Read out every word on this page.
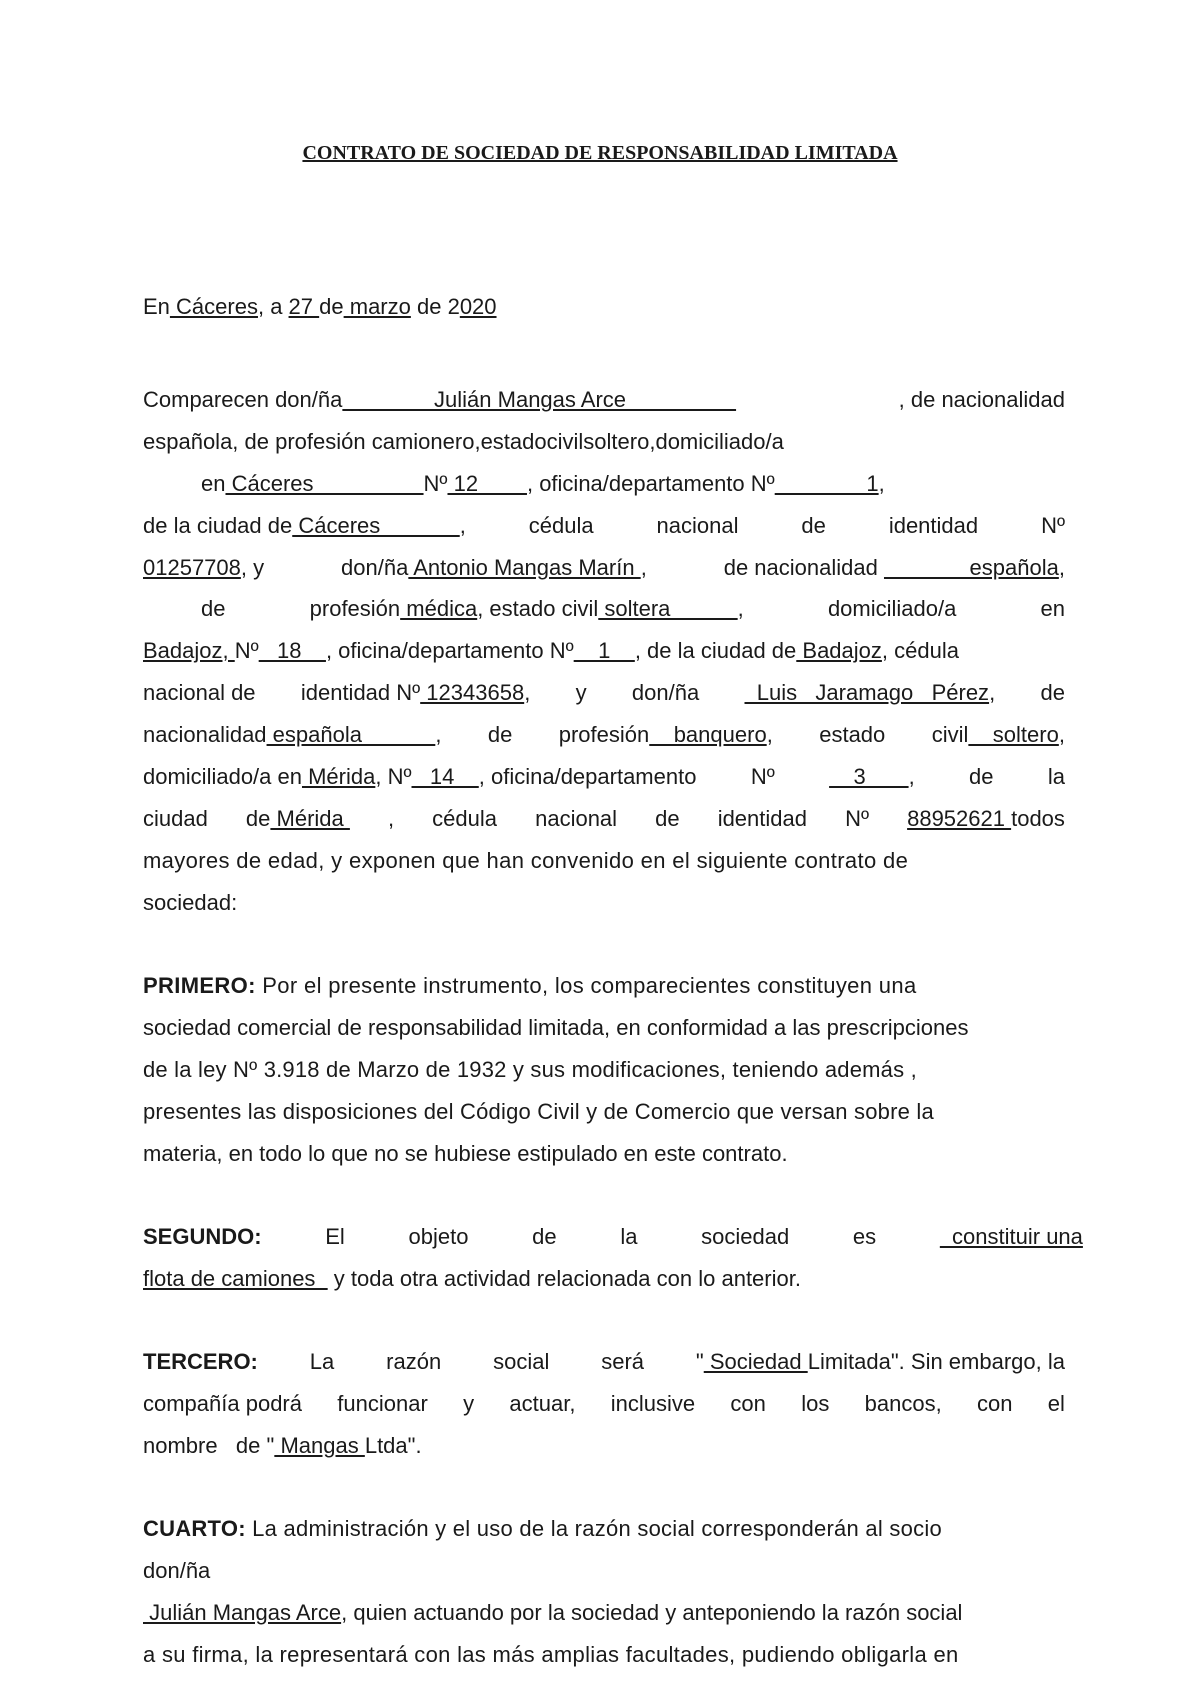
CONTRATO DE SOCIEDAD DE RESPONSABILIDAD LIMITADA
En Cáceres, a 27 de marzo de 2020
Comparecen don/ña               Julián Mangas Arce	, de nacionalidad
española, de profesión camionero, estado civil soltero, domiciliado/a
en Cáceres                  Nº 12        , oficina/departamento Nº               1,
de la ciudad de Cáceres             ,	cédula	nacional	de	identidad	Nº
01257708, y	don/ña Antonio Mangas Marín ,	de nacionalidad               española,
de	profesión médica, estado civil soltera           ,	domiciliado/a	en
Badajoz, Nº   18    , oficina/departamento Nº    1    , de la ciudad de Badajoz, cédula
nacional de identidad Nº 12343658, y don/ña Luis   Jaramago   Pérez, de
nacionalidad española            , de profesión    banquero, estado civil    soltero,
domiciliado/a en Mérida, Nº   14    , oficina/departamento Nº 3       , de la
ciudad de Mérida , cédula nacional de identidad Nº 88952621 todos
mayores de edad, y exponen que han convenido en el siguiente contrato de
sociedad:
PRIMERO: Por el presente instrumento, los comparecientes constituyen una
sociedad comercial de responsabilidad limitada, en conformidad a las prescripciones
de la ley Nº 3.918 de Marzo de 1932 y sus modificaciones, teniendo además ,
presentes las disposiciones del Código Civil y de Comercio que versan sobre la
materia, en todo lo que no se hubiese estipulado en este contrato.
SEGUNDO:	El	objeto	de	la	sociedad	es	constituir una
flota de camiones   y toda otra actividad relacionada con lo anterior.
TERCERO: La razón social será " Sociedad Limitada". Sin embargo, la
compañía podrá funcionar y actuar, inclusive con los bancos, con el
nombre   de " Mangas Ltda".
CUARTO: La administración y el uso de la razón social corresponderán al socio
don/ña
Julián Mangas Arce, quien actuando por la sociedad y anteponiendo la razón social
a su firma, la representará con las más amplias facultades, pudiendo obligarla en
